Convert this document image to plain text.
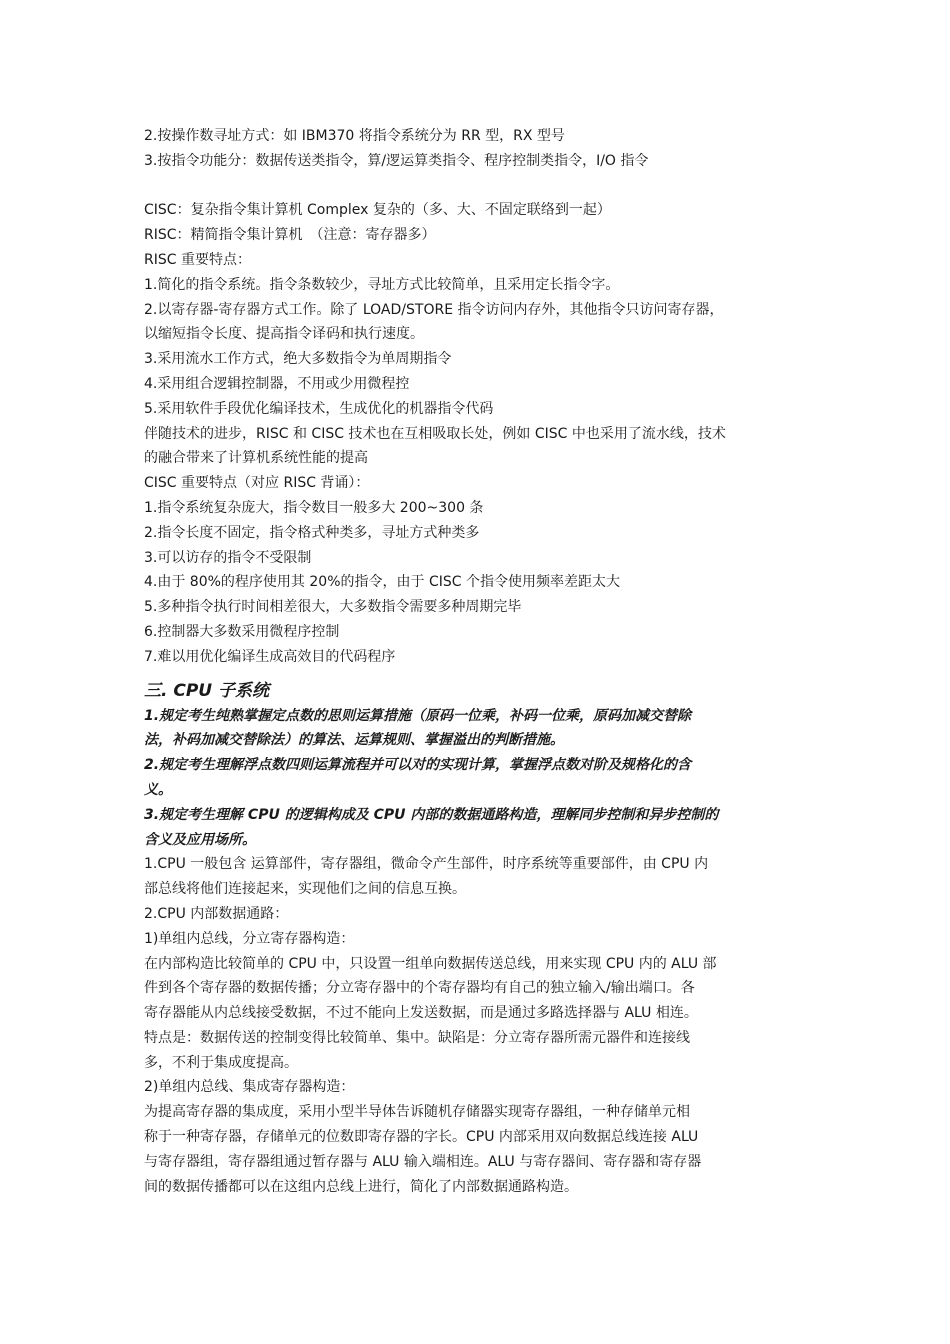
2.按操作数寻址方式：如 IBM370 将指令系统分为 RR 型，RX 型号
3.按指令功能分：数据传送类指令，算/逻运算类指令、程序控制类指令，I/O 指令
CISC：复杂指令集计算机 Complex 复杂的（多、大、不固定联络到一起）
RISC：精简指令集计算机　（注意：寄存器多）
RISC 重要特点：
1.简化的指令系统。指令条数较少，寻址方式比较简单，且采用定长指令字。
2.以寄存器-寄存器方式工作。除了 LOAD/STORE 指令访问内存外，其他指令只访问寄存器，
以缩短指令长度、提高指令译码和执行速度。
3.采用流水工作方式，绝大多数指令为单周期指令
4.采用组合逻辑控制器，不用或少用微程控
5.采用软件手段优化编译技术，生成优化的机器指令代码
伴随技术的进步，RISC 和 CISC 技术也在互相吸取长处，例如 CISC 中也采用了流水线，技术
的融合带来了计算机系统性能的提高
CISC 重要特点（对应 RISC 背诵）：
1.指令系统复杂庞大，指令数目一般多大 200~300 条
2.指令长度不固定，指令格式种类多，寻址方式种类多
3.可以访存的指令不受限制
4.由于 80%的程序使用其 20%的指令，由于 CISC 个指令使用频率差距太大
5.多种指令执行时间相差很大，大多数指令需要多种周期完毕
6.控制器大多数采用微程序控制
7.难以用优化编译生成高效目的代码程序
三. CPU 子系统
1.规定考生纯熟掌握定点数的思则运算措施（原码一位乘，补码一位乘，原码加减交替除
法，补码加减交替除法）的算法、运算规则、掌握溢出的判断措施。
2.规定考生理解浮点数四则运算流程并可以对的实现计算，掌握浮点数对阶及规格化的含
义。
3.规定考生理解 CPU 的逻辑构成及 CPU 内部的数据通路构造，理解同步控制和异步控制的
含义及应用场所。
1.CPU 一般包含 运算部件，寄存器组，微命令产生部件，时序系统等重要部件，由 CPU 内
部总线将他们连接起来，实现他们之间的信息互换。
2.CPU 内部数据通路：
1)单组内总线，分立寄存器构造：
在内部构造比较简单的 CPU 中，只设置一组单向数据传送总线，用来实现 CPU 内的 ALU 部
件到各个寄存器的数据传播；分立寄存器中的个寄存器均有自己的独立输入/输出端口。各
寄存器能从内总线接受数据，不过不能向上发送数据，而是通过多路选择器与 ALU 相连。
特点是：数据传送的控制变得比较简单、集中。缺陷是：分立寄存器所需元器件和连接线
多，不利于集成度提高。
2)单组内总线、集成寄存器构造：
为提高寄存器的集成度，采用小型半导体告诉随机存储器实现寄存器组，一种存储单元相
称于一种寄存器，存储单元的位数即寄存器的字长。CPU 内部采用双向数据总线连接 ALU
与寄存器组，寄存器组通过暂存器与 ALU 输入端相连。ALU 与寄存器间、寄存器和寄存器
间的数据传播都可以在这组内总线上进行，简化了内部数据通路构造。
